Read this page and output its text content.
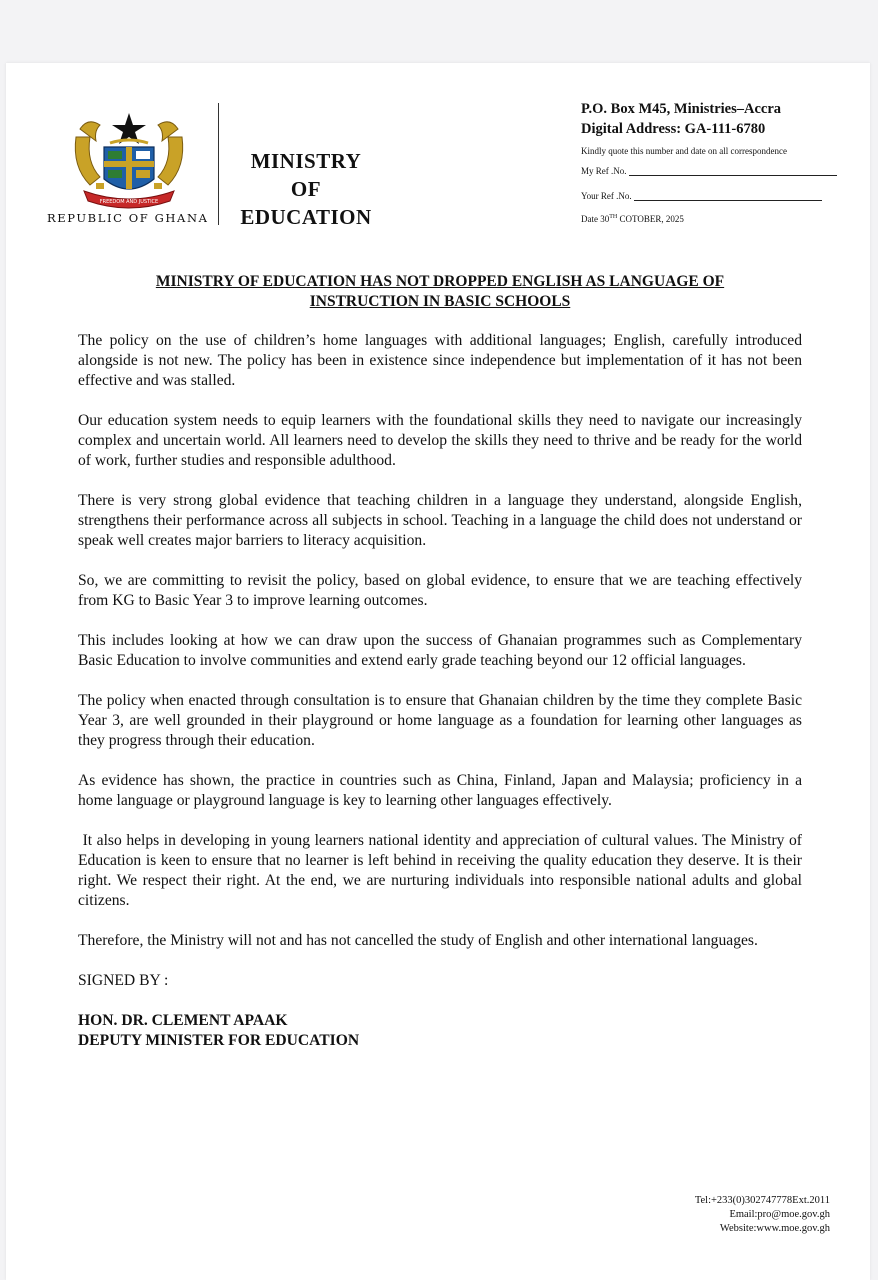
FREEDOM AND JUSTICE
REPUBLIC OF GHANA
MINISTRY
OF
EDUCATION
P.O. Box M45, Ministries–Accra
Digital Address: GA-111-6780
Kindly quote this number and date on all correspondence
My Ref .No.
Your Ref .No.
Date 30TH COTOBER, 2025
MINISTRY OF EDUCATION HAS NOT DROPPED ENGLISH AS LANGUAGE OF
INSTRUCTION IN BASIC SCHOOLS

The policy on the use of children’s home languages with additional languages; English, carefully introduced alongside is not new. The policy has been in existence since independence but implementation of it has not been effective and was stalled.

Our education system needs to equip learners with the foundational skills they need to navigate our increasingly complex and uncertain world. All learners need to develop the skills they need to thrive and be ready for the world of work, further studies and responsible adulthood.

There is very strong global evidence that teaching children in a language they understand, alongside English, strengthens their performance across all subjects in school. Teaching in a language the child does not understand or speak well creates major barriers to literacy acquisition.

So, we are committing to revisit the policy, based on global evidence, to ensure that we are teaching effectively from KG to Basic Year 3 to improve learning outcomes.

This includes looking at how we can draw upon the success of Ghanaian programmes such as Complementary Basic Education to involve communities and extend early grade teaching beyond our 12 official languages.

The policy when enacted through consultation is to ensure that Ghanaian children by the time they complete Basic Year 3, are well grounded in their playground or home language as a foundation for learning other languages as they progress through their education.

As evidence has shown, the practice in countries such as China, Finland, Japan and Malaysia; proficiency in a home language or playground language is key to learning other languages effectively.

It also helps in developing in young learners national identity and appreciation of cultural values. The Ministry of Education is keen to ensure that no learner is left behind in receiving the quality education they deserve. It is their right. We respect their right. At the end, we are nurturing individuals into responsible national adults and global citizens.

Therefore, the Ministry will not and has not cancelled the study of English and other international languages.

SIGNED BY :
HON. DR. CLEMENT APAAK
DEPUTY MINISTER FOR EDUCATION
Tel:+233(0)302747778Ext.2011
Email:pro@moe.gov.gh
Website:www.moe.gov.gh
